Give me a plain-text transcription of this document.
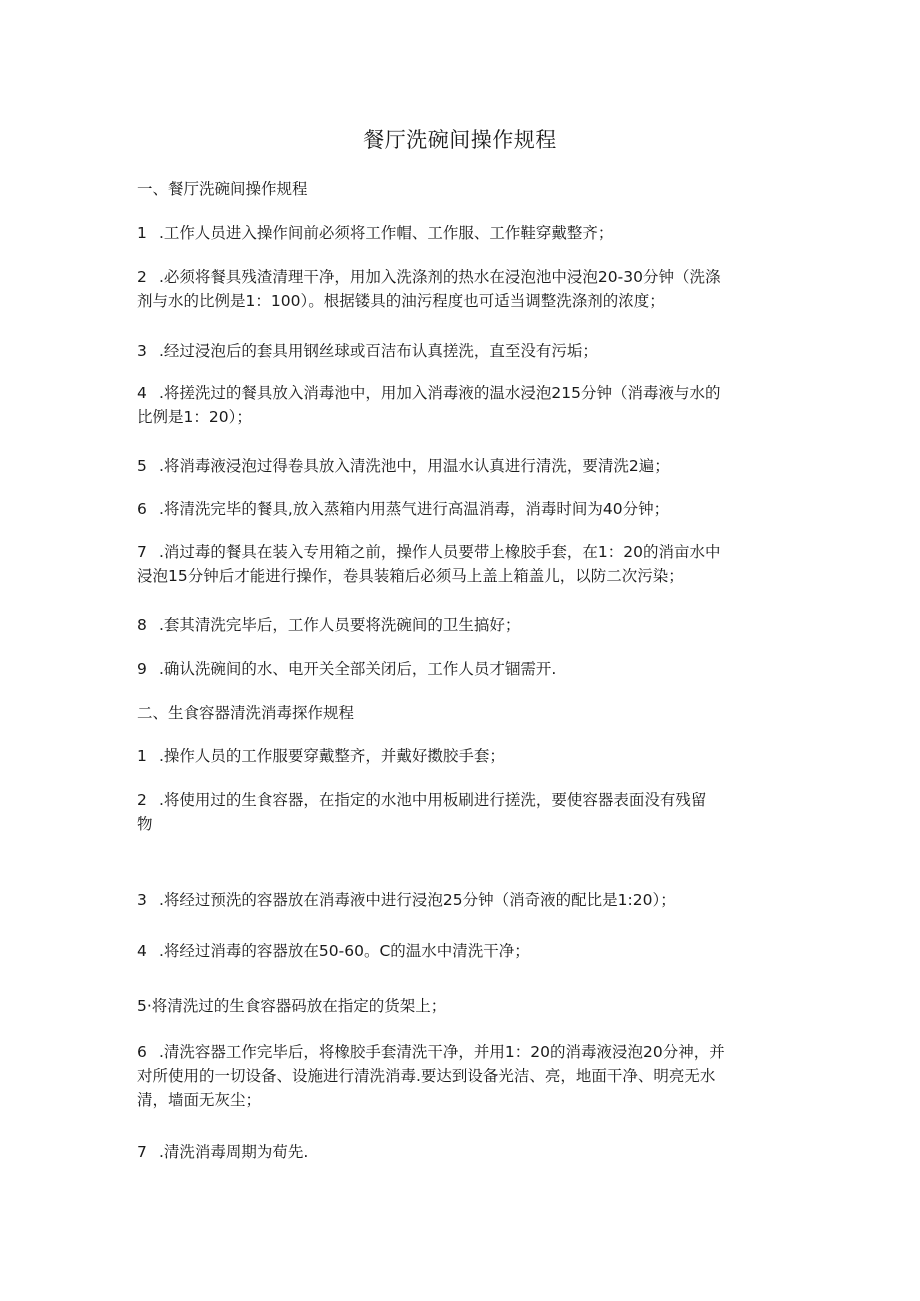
餐厅洗碗间操作规程
一、餐厅洗碗间操作规程
1 .工作人员进入操作间前必须将工作帽、工作服、工作鞋穿戴整齐；
2 .必须将餐具残渣清理干净，用加入洗涤剂的热水在浸泡池中浸泡20-30分钟（洗涤
剂与水的比例是1：100）。根据镂具的油污程度也可适当调整洗涤剂的浓度；
3 .经过浸泡后的套具用钢丝球或百洁布认真搓洗，直至没有污垢；
4 .将搓洗过的餐具放入消毒池中，用加入消毒液的温水浸泡215分钟（消毒液与水的
比例是1：20）；
5 .将消毒液浸泡过得卷具放入清洗池中，用温水认真进行清洗，要清洗2遍；
6 .将清洗完毕的餐具,放入蒸箱内用蒸气进行高温消毒，消毒时间为40分钟；
7 .消过毒的餐具在装入专用箱之前，操作人员要带上橡胶手套，在1：20的消亩水中
浸泡15分钟后才能进行操作，卷具装箱后必须马上盖上箱盖儿，以防二次污染；
8 .套其清洗完毕后，工作人员要将洗碗间的卫生搞好；
9 .确认洗碗间的水、电开关全部关闭后，工作人员才锢需开.
二、生食容器清洗消毒探作规程
1 .操作人员的工作服要穿戴整齐，并戴好擞胶手套；
2 .将使用过的生食容器，在指定的水池中用板刷进行搓洗，要使容器表面没有残留
物
3 .将经过预洗的容器放在消毒液中进行浸泡25分钟（消奇液的配比是1:20）；
4 .将经过消毒的容器放在50-60。C的温水中清洗干净；
5·将清洗过的生食容器码放在指定的货架上；
6 .清洗容器工作完毕后，将橡胶手套清洗干净，并用1：20的消毒液浸泡20分神，并
对所使用的一切设备、设施进行清洗消毒.要达到设备光洁、亮，地面干净、明亮无水
清，墙面无灰尘；
7 .清洗消毒周期为荀先.
